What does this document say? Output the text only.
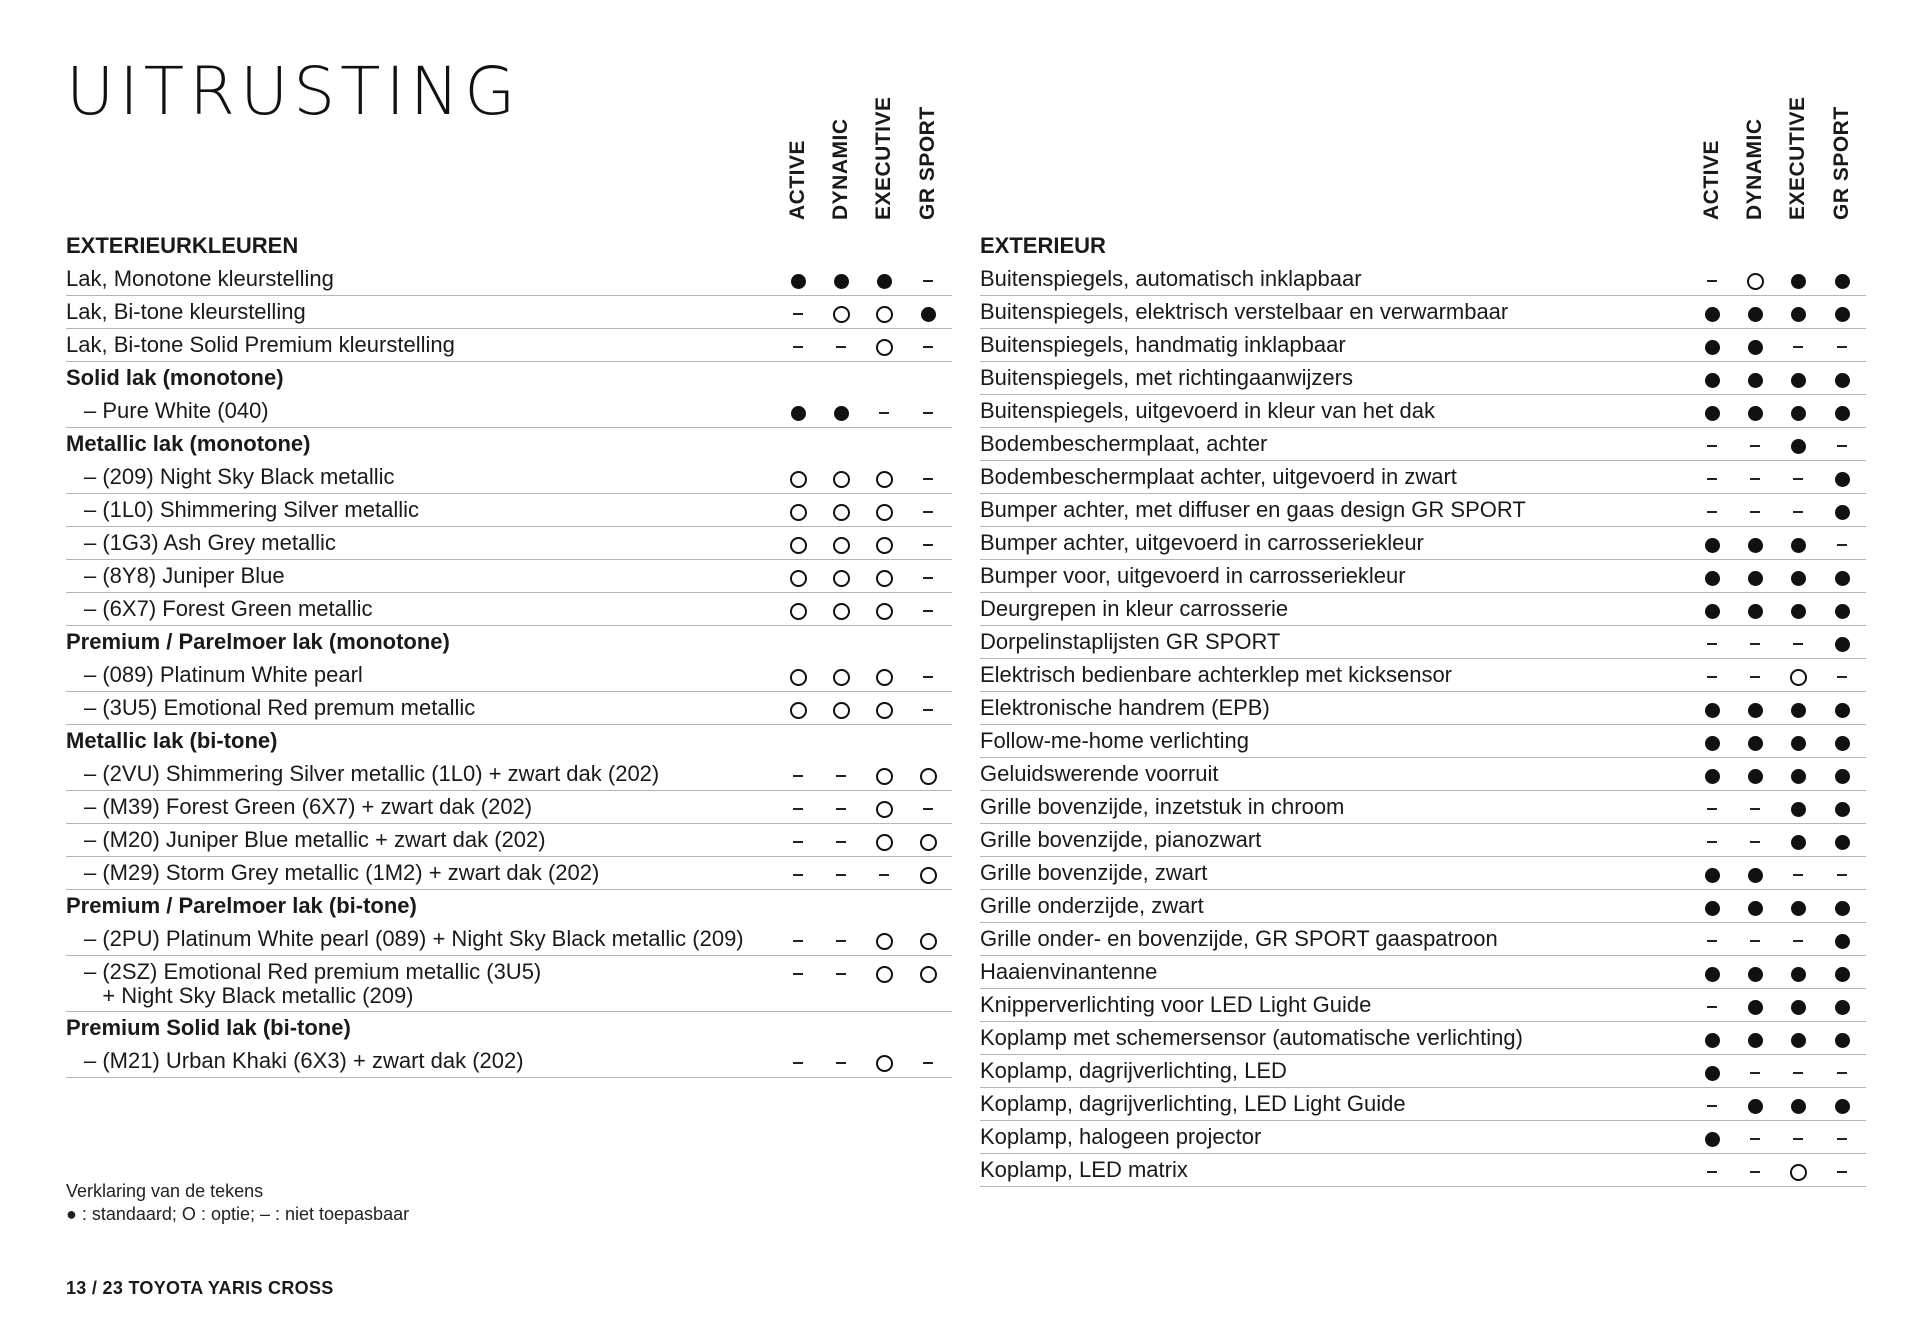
UITRUSTING
ACTIVE DYNAMIC EXECUTIVE GR SPORT
EXTERIEURKLEUREN
Lak, Monotone kleurstelling
Lak, Bi-tone kleurstelling
Lak, Bi-tone Solid Premium kleurstelling
Solid lak (monotone)
– Pure White (040)
Metallic lak (monotone)
– (209) Night Sky Black metallic
– (1L0) Shimmering Silver metallic
– (1G3) Ash Grey metallic
– (8Y8) Juniper Blue
– (6X7) Forest Green metallic
Premium / Parelmoer lak (monotone)
– (089) Platinum White pearl
– (3U5) Emotional Red premum metallic
Metallic lak (bi-tone)
– (2VU) Shimmering Silver metallic (1L0) + zwart dak (202)
– (M39) Forest Green (6X7) + zwart dak (202)
– (M20) Juniper Blue metallic + zwart dak (202)
– (M29) Storm Grey metallic (1M2) + zwart dak (202)
Premium / Parelmoer lak (bi-tone)
– (2PU) Platinum White pearl (089) + Night Sky Black metallic (209)
– (2SZ) Emotional Red premium metallic (3U5)
+ Night Sky Black metallic (209)
Premium Solid lak (bi-tone)
– (M21) Urban Khaki (6X3) + zwart dak (202)
ACTIVE DYNAMIC EXECUTIVE GR SPORT
EXTERIEUR
Buitenspiegels, automatisch inklapbaar
Buitenspiegels, elektrisch verstelbaar en verwarmbaar
Buitenspiegels, handmatig inklapbaar
Buitenspiegels, met richtingaanwijzers
Buitenspiegels, uitgevoerd in kleur van het dak
Bodembeschermplaat, achter
Bodembeschermplaat achter, uitgevoerd in zwart
Bumper achter, met diffuser en gaas design GR SPORT
Bumper achter, uitgevoerd in carrosseriekleur
Bumper voor, uitgevoerd in carrosseriekleur
Deurgrepen in kleur carrosserie
Dorpelinstaplijsten GR SPORT
Elektrisch bedienbare achterklep met kicksensor
Elektronische handrem (EPB)
Follow-me-home verlichting
Geluidswerende voorruit
Grille bovenzijde, inzetstuk in chroom
Grille bovenzijde, pianozwart
Grille bovenzijde, zwart
Grille onderzijde, zwart
Grille onder- en bovenzijde, GR SPORT gaaspatroon
Haaienvinantenne
Knipperverlichting voor LED Light Guide
Koplamp met schemersensor (automatische verlichting)
Koplamp, dagrijverlichting, LED
Koplamp, dagrijverlichting, LED Light Guide
Koplamp, halogeen projector
Koplamp, LED matrix
Verklaring van de tekens
● : standaard; O : optie; – : niet toepasbaar
13 / 23 TOYOTA YARIS CROSS
